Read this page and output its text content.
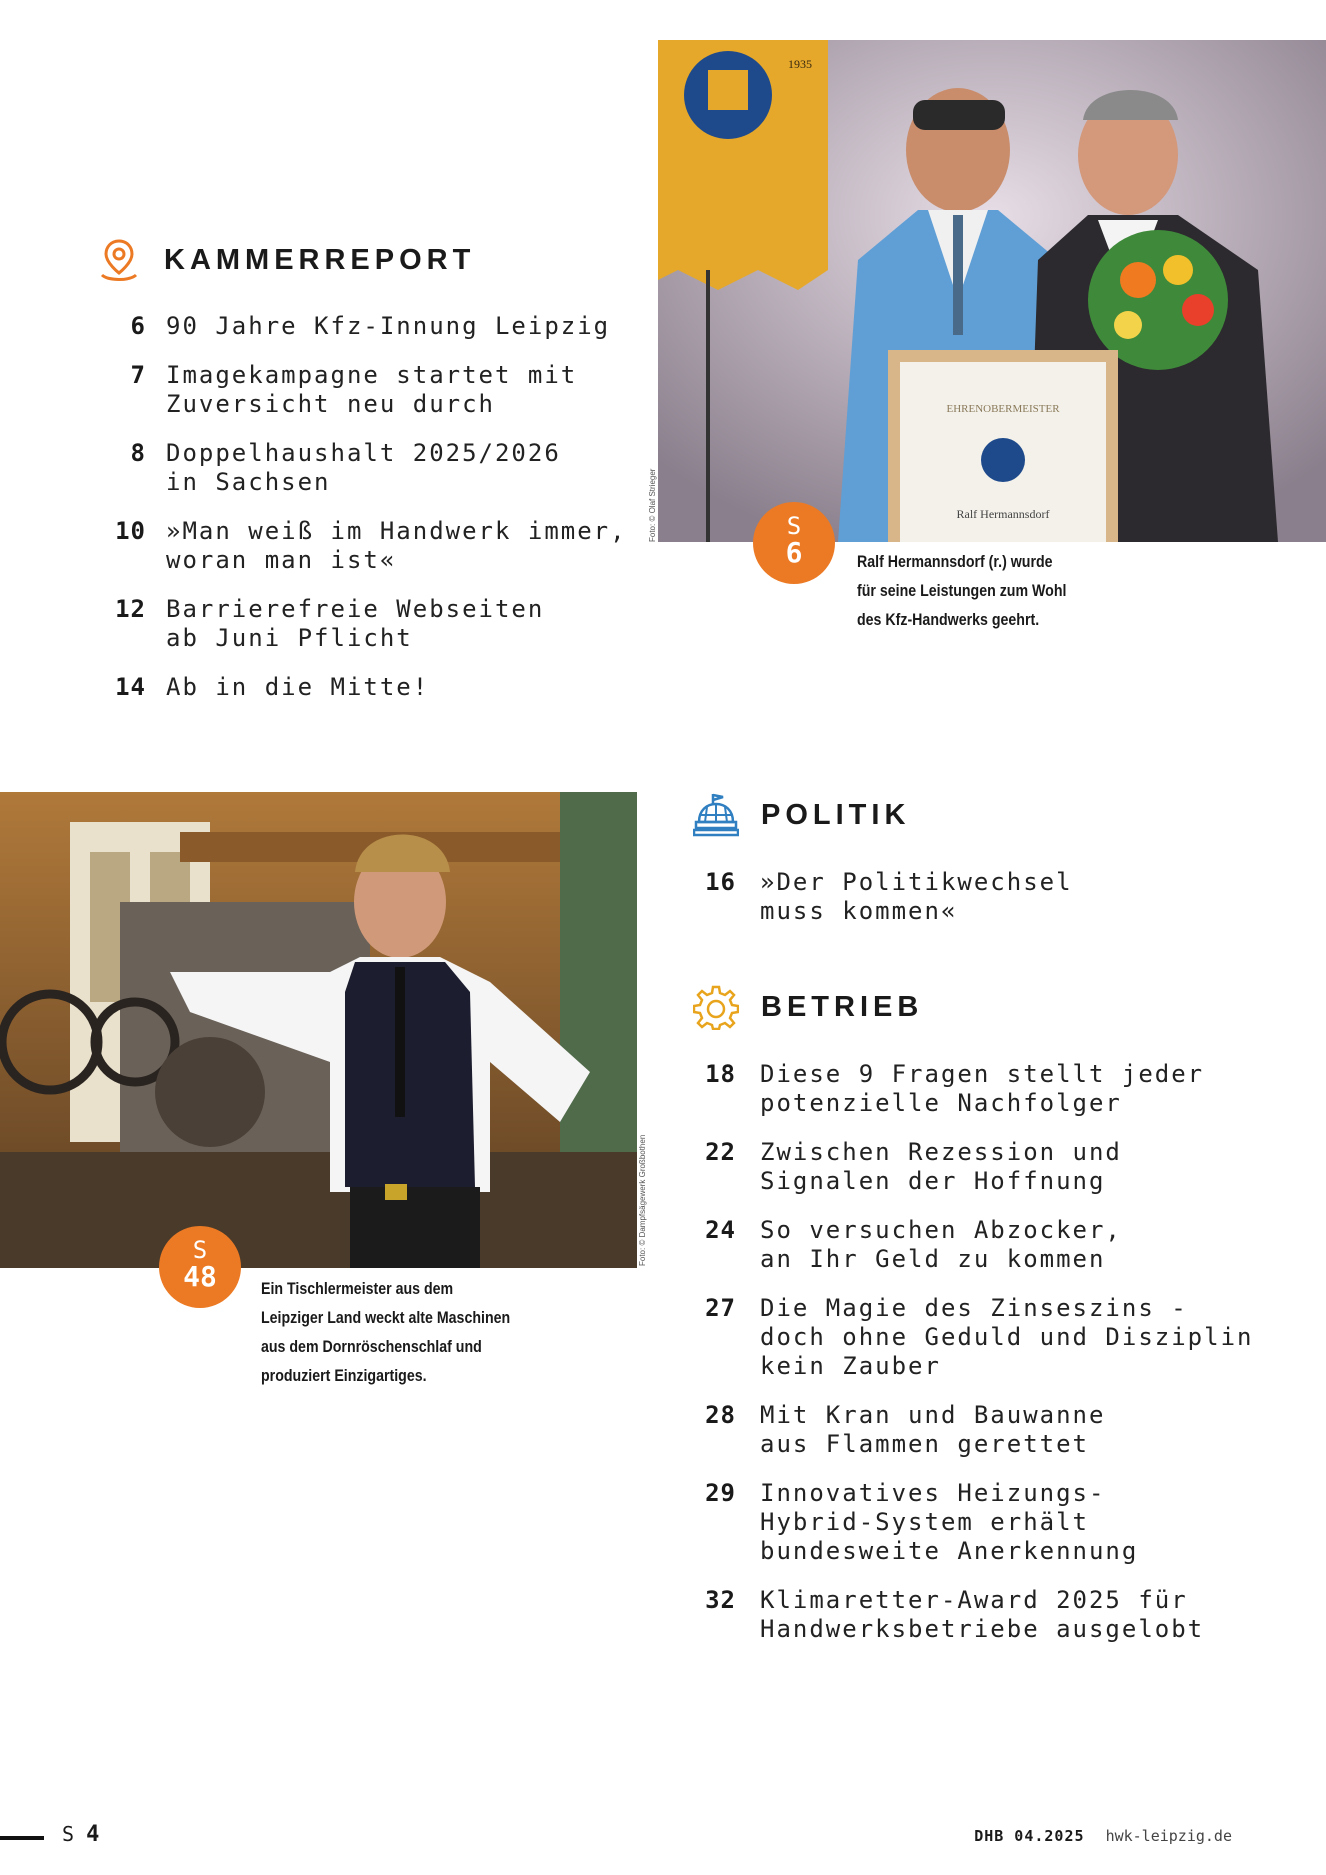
KAMMERREPORT
6 90 Jahre Kfz-Innung Leipzig
7 Imagekampagne startet mit
Zuversicht neu durch
8 Doppelhaushalt 2025/2026
in Sachsen
10 »Man weiß im Handwerk immer,
woran man ist«
12 Barrierefreie Webseiten
ab Juni Pflicht
14 Ab in die Mitte!
1935
EHRENOBERMEISTER
Ralf Hermannsdorf
Foto: © Olaf Strieger	S
6	Ralf Hermannsdorf (r.) wurde
für seine Leistungen zum Wohl
des Kfz-Handwerks geehrt.
Foto: © Dampfsägewerk Großbothen
S
48	Ein Tischlermeister aus dem
Leipziger Land weckt alte Maschinen
aus dem Dornröschenschlaf und
produziert Einzigartiges.
POLITIK
16 »Der Politikwechsel
muss kommen«
BETRIEB
18 Diese 9 Fragen stellt jeder
potenzielle Nachfolger
22 Zwischen Rezession und
Signalen der Hoffnung
24 So versuchen Abzocker,
an Ihr Geld zu kommen
27 Die Magie des Zinseszins -
doch ohne Geduld und Disziplin
kein Zauber
28 Mit Kran und Bauwanne
aus Flammen gerettet
29 Innovatives Heizungs-
Hybrid-System erhält
bundesweite Anerkennung
32 Klimaretter-Award 2025 für
Handwerksbetriebe ausgelobt
S 4	DHB 04.2025 hwk-leipzig.de
